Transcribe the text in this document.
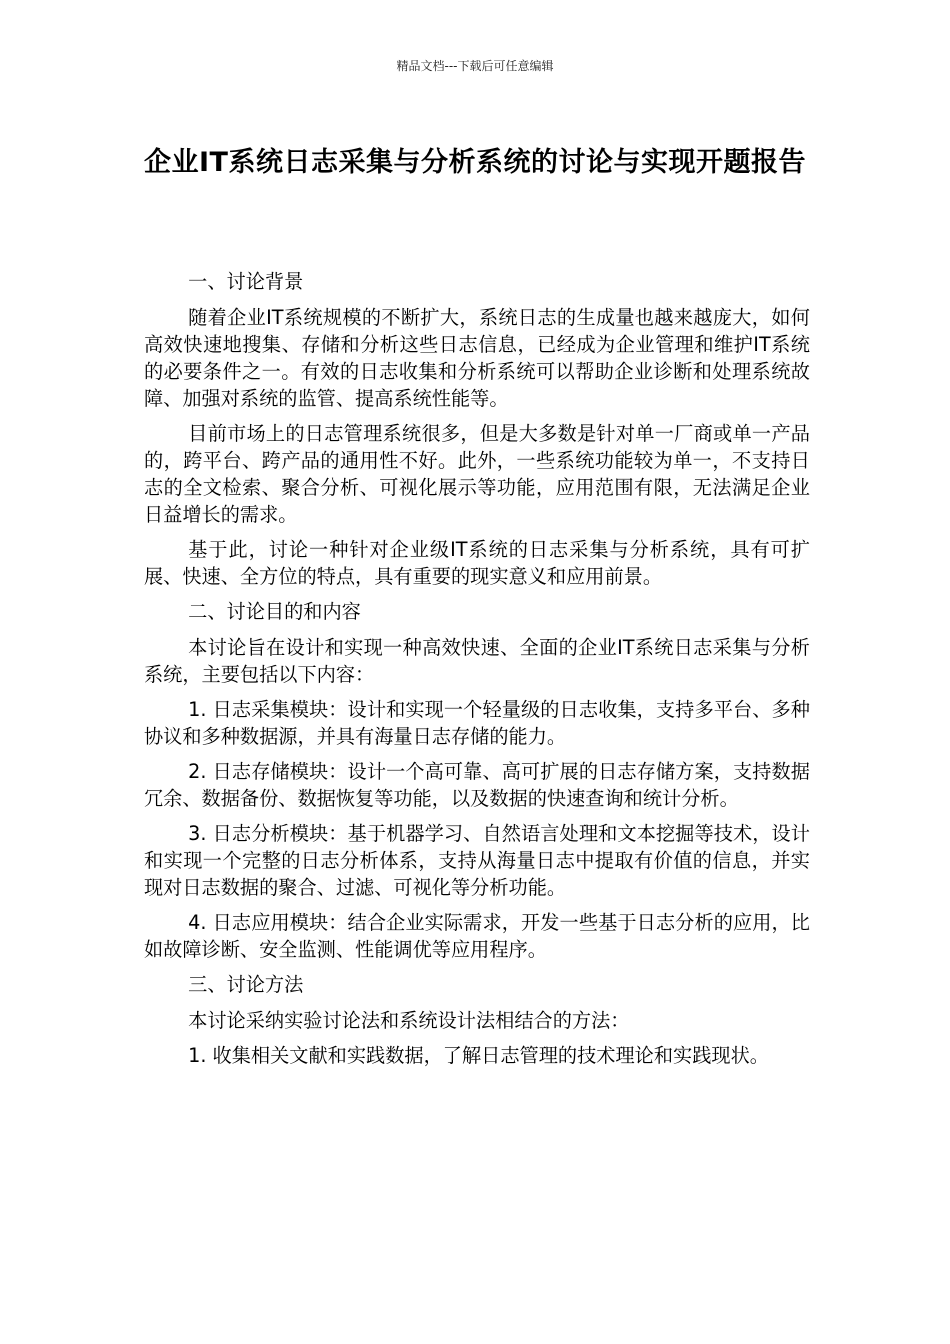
精品文档---下载后可任意编辑
企业IT系统日志采集与分析系统的讨论与实现开题报告

一、讨论背景

随着企业IT系统规模的不断扩大，系统日志的生成量也越来越庞大，如何高效快速地搜集、存储和分析这些日志信息，已经成为企业管理和维护IT系统的必要条件之一。有效的日志收集和分析系统可以帮助企业诊断和处理系统故障、加强对系统的监管、提高系统性能等。

目前市场上的日志管理系统很多，但是大多数是针对单一厂商或单一产品的，跨平台、跨产品的通用性不好。此外，一些系统功能较为单一，不支持日志的全文检索、聚合分析、可视化展示等功能，应用范围有限，无法满足企业日益增长的需求。

基于此，讨论一种针对企业级IT系统的日志采集与分析系统，具有可扩展、快速、全方位的特点，具有重要的现实意义和应用前景。

二、讨论目的和内容

本讨论旨在设计和实现一种高效快速、全面的企业IT系统日志采集与分析系统，主要包括以下内容：

1. 日志采集模块：设计和实现一个轻量级的日志收集，支持多平台、多种协议和多种数据源，并具有海量日志存储的能力。

2. 日志存储模块：设计一个高可靠、高可扩展的日志存储方案，支持数据冗余、数据备份、数据恢复等功能，以及数据的快速查询和统计分析。

3. 日志分析模块：基于机器学习、自然语言处理和文本挖掘等技术，设计和实现一个完整的日志分析体系，支持从海量日志中提取有价值的信息，并实现对日志数据的聚合、过滤、可视化等分析功能。

4. 日志应用模块：结合企业实际需求，开发一些基于日志分析的应用，比如故障诊断、安全监测、性能调优等应用程序。

三、讨论方法

本讨论采纳实验讨论法和系统设计法相结合的方法：

1. 收集相关文献和实践数据，了解日志管理的技术理论和实践现状。
